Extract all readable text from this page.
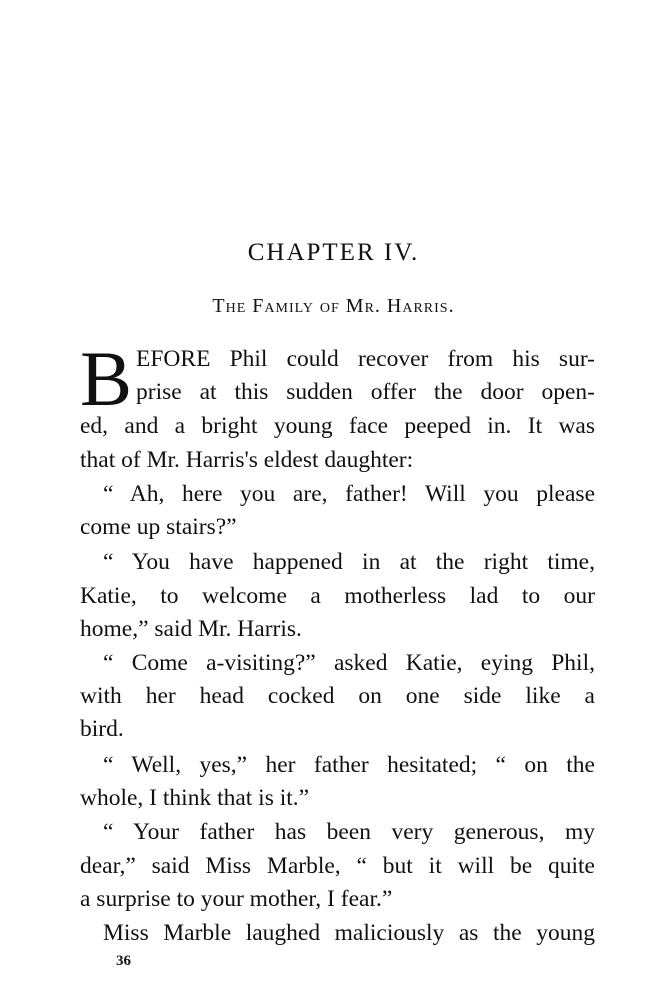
CHAPTER IV.
The Family of Mr. Harris.
B EFORE Phil could recover from his sur-
prise at this sudden offer the door open-
ed, and a bright young face peeped in. It was
that of Mr. Harris's eldest daughter:
“ Ah, here you are, father! Will you please
come up stairs?”
“ You have happened in at the right time,
Katie, to welcome a motherless lad to our
home,” said Mr. Harris.
“ Come a-visiting?” asked Katie, eying Phil,
with her head cocked on one side like a
bird.
“ Well, yes,” her father hesitated; “ on the
whole, I think that is it.”
“ Your father has been very generous, my
dear,” said Miss Marble, “ but it will be quite
a surprise to your mother, I fear.”
Miss Marble laughed maliciously as the young
36
